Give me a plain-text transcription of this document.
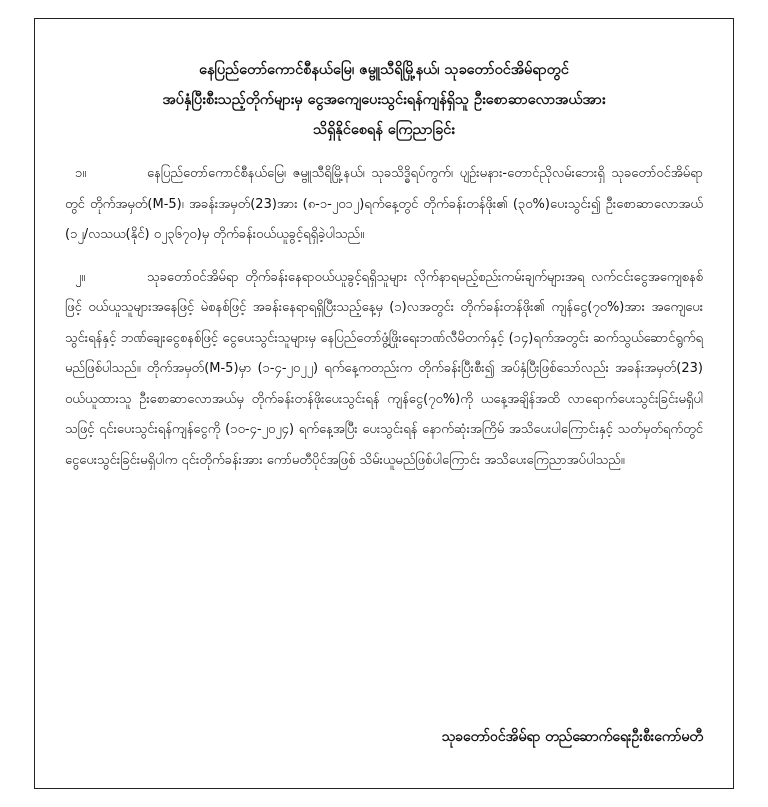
နေပြည်တော်ကောင်စီနယ်မြေ၊ ဇမ္ဗူသီရိမြို့နယ်၊ သုခတော်ဝင်အိမ်ရာတွင်
အပ်နှံပြီးစီးသည့်တိုက်များမှ ငွေအကျေပေးသွင်းရန်ကျန်ရှိသူ ဦးစောဆာလောအယ်အား
သိရှိနိုင်စေရန် ကြေညာခြင်း

၁။	နေပြည်တော်ကောင်စီနယ်မြေ၊ ဇမ္ဗူသီရိမြို့နယ်၊ သုခသိဒ္ဓိရပ်ကွက်၊ ပျဉ်းမနား-တောင်ညိုလမ်းဘေးရှိ သုခတော်ဝင်အိမ်ရာတွင် တိုက်အမှတ်(M-5)၊ အခန်းအမှတ်(23)အား (၈-၁-၂၀၁၂)ရက်နေ့တွင် တိုက်ခန်းတန်ဖိုး၏ (၃၀%)ပေးသွင်း၍ ဦးစောဆာလောအယ် (၁၂/လသယ(နိုင်) ၀၂၃၆၇၀)မှ တိုက်ခန်းဝယ်ယူခွင့်ရရှိခဲ့ပါသည်။

၂။	သုခတော်ဝင်အိမ်ရာ တိုက်ခန်းနေရာဝယ်ယူခွင့်ရရှိသူများ လိုက်နာရမည့်စည်းကမ်းချက်များအရ လက်ငင်းငွေအကျေစနစ်ဖြင့် ဝယ်ယူသူများအနေဖြင့် မဲစနစ်ဖြင့် အခန်းနေရာရရှိပြီးသည့်နေ့မှ (၁)လအတွင်း တိုက်ခန်းတန်ဖိုး၏ ကျန်ငွေ(၇၀%)အား အကျေပေးသွင်းရန်နှင့် ဘဏ်ချေးငွေစနစ်ဖြင့် ငွေပေးသွင်းသူများမှ နေပြည်တော်ဖွံ့ဖြိုးရေးဘဏ်လီမိတက်နှင့် (၁၄)ရက်အတွင်း ဆက်သွယ်ဆောင်ရွက်ရမည်ဖြစ်ပါသည်။ တိုက်အမှတ်(M-5)မှာ (၁-၄-၂၀၂၂) ရက်နေ့ကတည်းက တိုက်ခန်းပြီးစီး၍ အပ်နှံပြီးဖြစ်သော်လည်း အခန်းအမှတ်(23) ဝယ်ယူထားသူ ဦးစောဆာလောအယ်မှ တိုက်ခန်းတန်ဖိုးပေးသွင်းရန် ကျန်ငွေ(၇၀%)ကို ယနေ့အချိန်အထိ လာရောက်ပေးသွင်းခြင်းမရှိပါသဖြင့် ၎င်းပေးသွင်းရန်ကျန်ငွေကို (၁၀-၄-၂၀၂၄) ရက်နေ့အပြီး ပေးသွင်းရန် နောက်ဆုံးအကြိမ် အသိပေးပါကြောင်းနှင့် သတ်မှတ်ရက်တွင် ငွေပေးသွင်းခြင်းမရှိပါက ၎င်းတိုက်ခန်းအား ကော်မတီပိုင်အဖြစ် သိမ်းယူမည်ဖြစ်ပါကြောင်း အသိပေးကြေညာအပ်ပါသည်။

သုခတော်ဝင်အိမ်ရာ တည်ဆောက်ရေးဦးစီးကော်မတီ
